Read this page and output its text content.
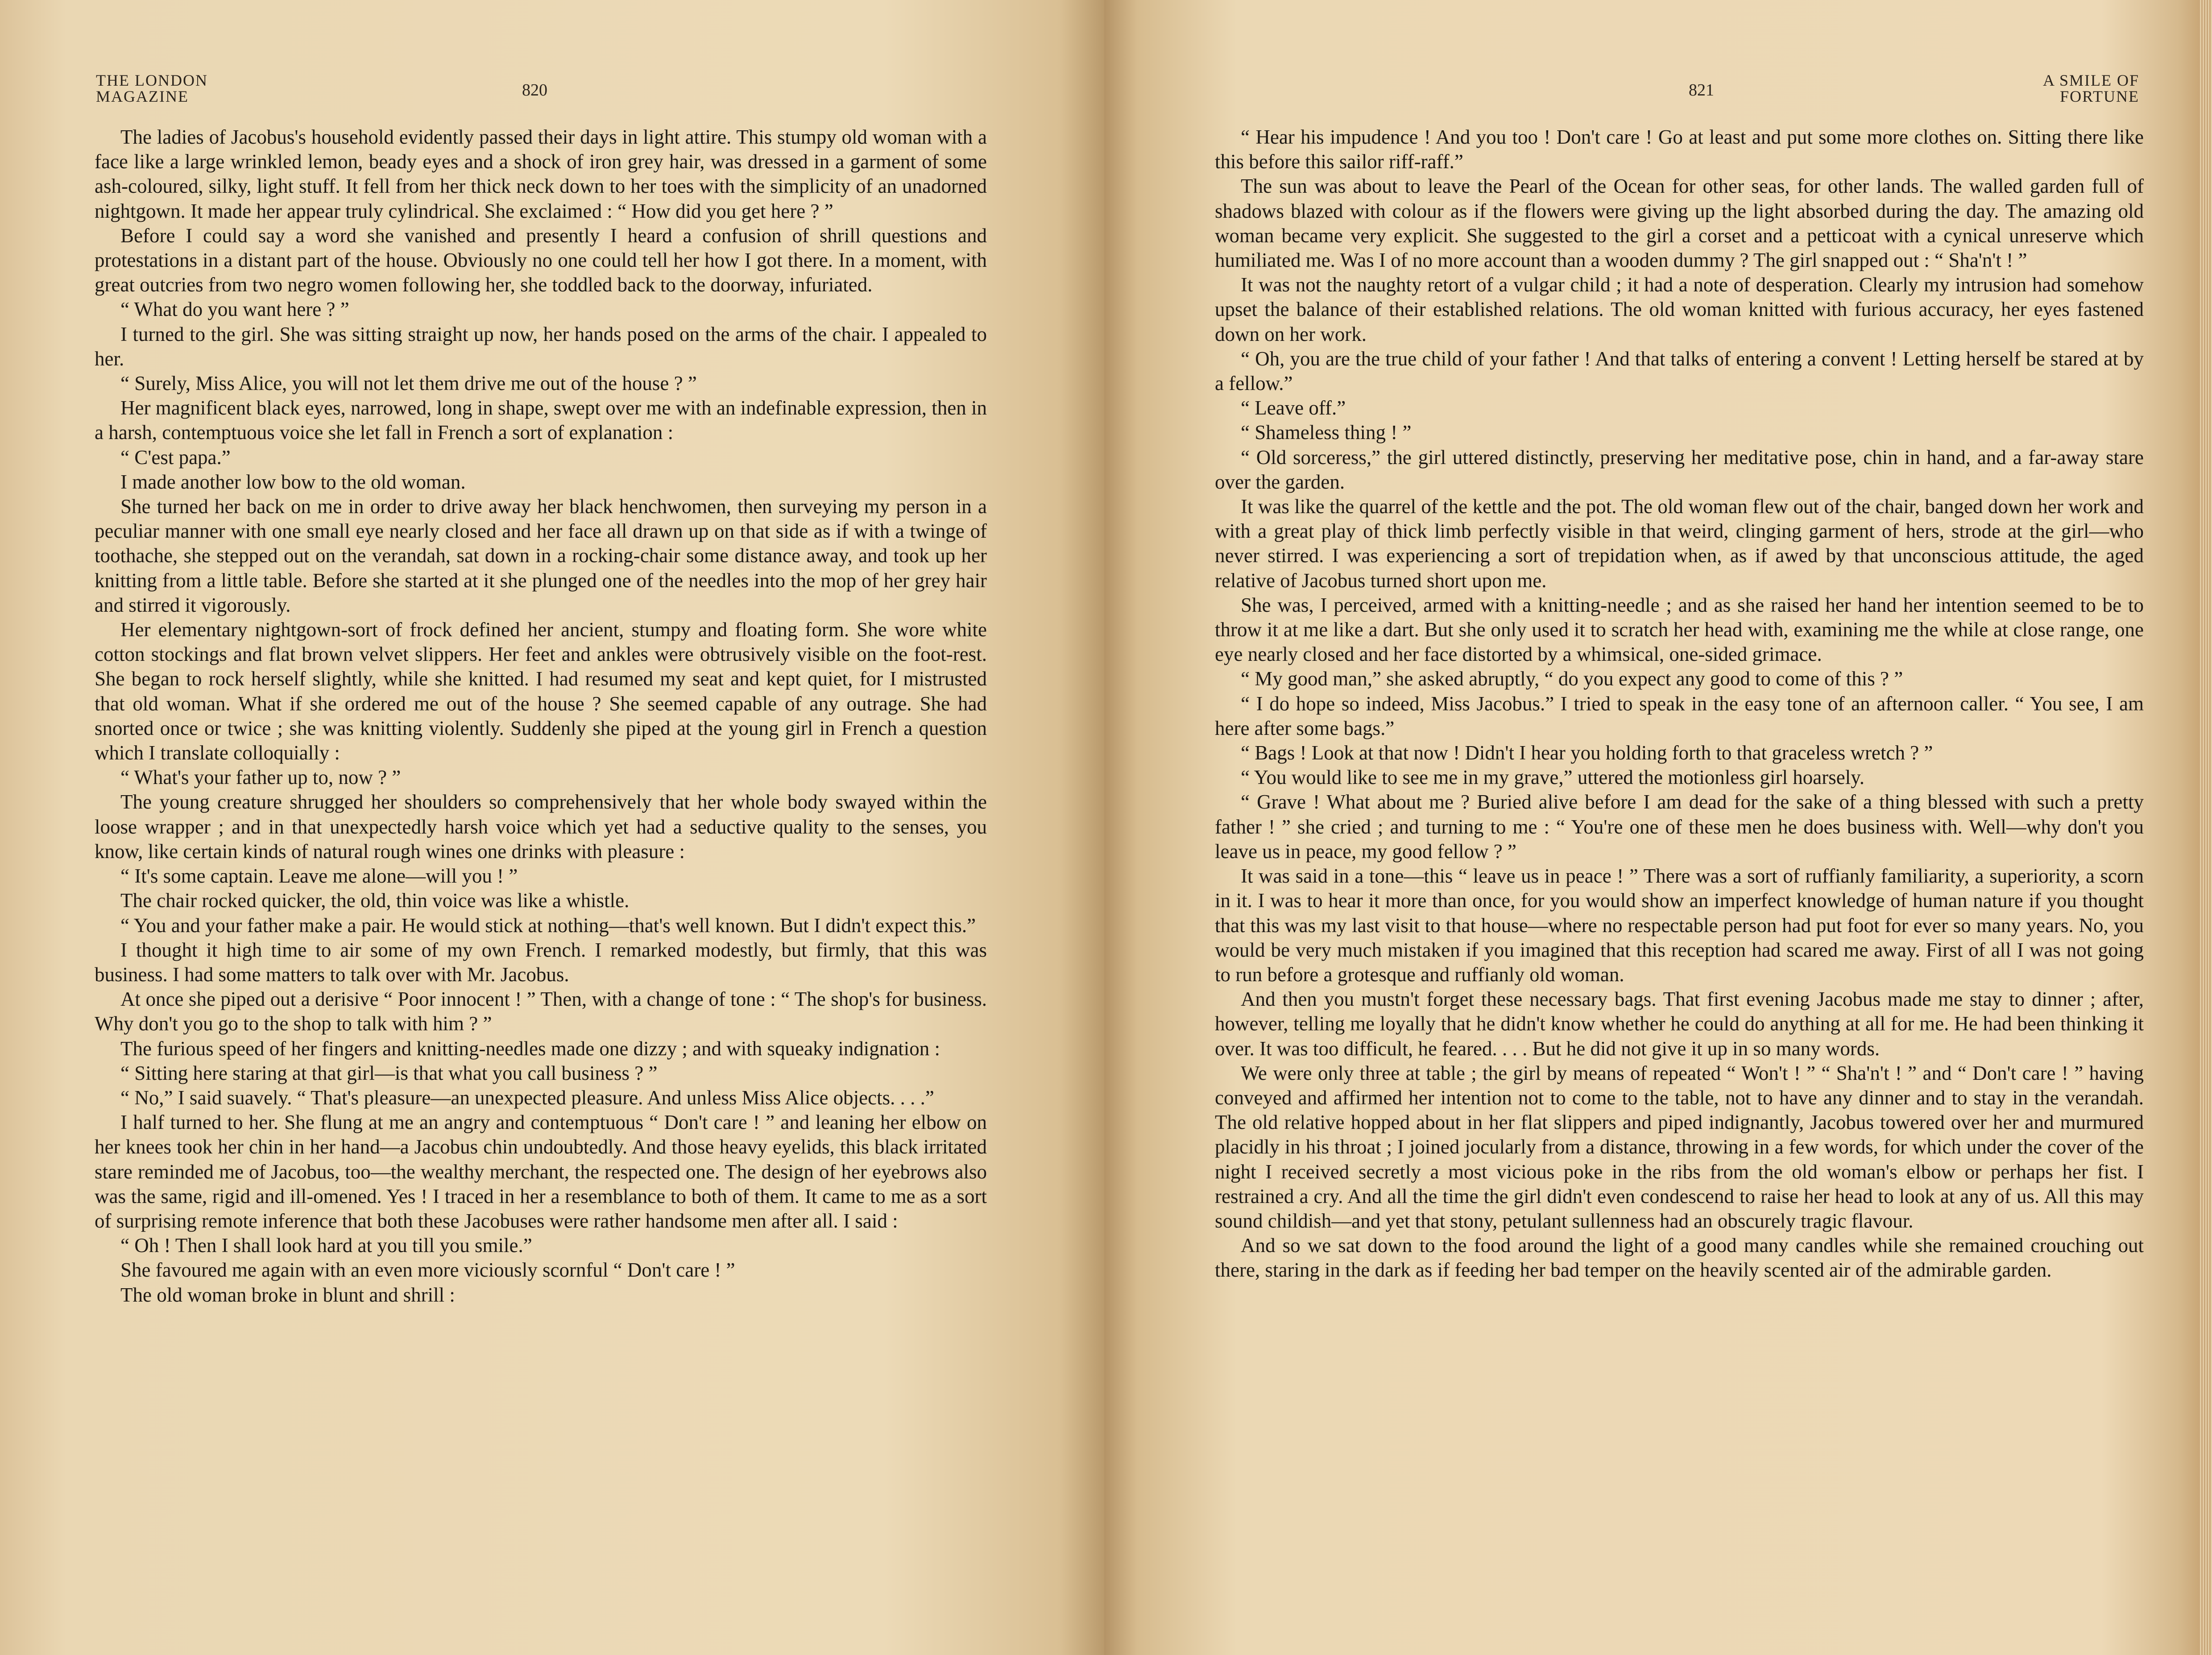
THE LONDON
MAGAZINE	820

The ladies of Jacobus's household evidently passed their days in light attire. This stumpy old woman with a face like a large wrinkled lemon, beady eyes and a shock of iron grey hair, was dressed in a garment of some ash-coloured, silky, light stuff. It fell from her thick neck down to her toes with the simplicity of an unadorned nightgown. It made her appear truly cylindrical. She exclaimed : “ How did you get here ? ”

Before I could say a word she vanished and presently I heard a confusion of shrill questions and protestations in a distant part of the house. Obviously no one could tell her how I got there. In a moment, with great outcries from two negro women following her, she toddled back to the doorway, infuriated.

“ What do you want here ? ”

I turned to the girl. She was sitting straight up now, her hands posed on the arms of the chair. I appealed to her.

“ Surely, Miss Alice, you will not let them drive me out of the house ? ”

Her magnificent black eyes, narrowed, long in shape, swept over me with an indefinable expression, then in a harsh, contemptuous voice she let fall in French a sort of explanation :

“ C'est papa.”

I made another low bow to the old woman.

She turned her back on me in order to drive away her black henchwomen, then surveying my person in a peculiar manner with one small eye nearly closed and her face all drawn up on that side as if with a twinge of toothache, she stepped out on the verandah, sat down in a rocking-chair some distance away, and took up her knitting from a little table. Before she started at it she plunged one of the needles into the mop of her grey hair and stirred it vigorously.

Her elementary nightgown-sort of frock defined her ancient, stumpy and floating form. She wore white cotton stockings and flat brown velvet slippers. Her feet and ankles were obtrusively visible on the foot-rest. She began to rock herself slightly, while she knitted. I had resumed my seat and kept quiet, for I mistrusted that old woman. What if she ordered me out of the house ? She seemed capable of any outrage. She had snorted once or twice ; she was knitting violently. Suddenly she piped at the young girl in French a question which I translate colloquially :

“ What's your father up to, now ? ”

The young creature shrugged her shoulders so comprehensively that her whole body swayed within the loose wrapper ; and in that unexpectedly harsh voice which yet had a seductive quality to the senses, you know, like certain kinds of natural rough wines one drinks with pleasure :

“ It's some captain. Leave me alone—will you ! ”

The chair rocked quicker, the old, thin voice was like a whistle.

“ You and your father make a pair. He would stick at nothing—that's well known. But I didn't expect this.”

I thought it high time to air some of my own French. I remarked modestly, but firmly, that this was business. I had some matters to talk over with Mr. Jacobus.

At once she piped out a derisive “ Poor innocent ! ” Then, with a change of tone : “ The shop's for business. Why don't you go to the shop to talk with him ? ”

The furious speed of her fingers and knitting-needles made one dizzy ; and with squeaky indignation :

“ Sitting here staring at that girl—is that what you call business ? ”

“ No,” I said suavely. “ That's pleasure—an unexpected pleasure. And unless Miss Alice objects. . . .”

I half turned to her. She flung at me an angry and contemptuous “ Don't care ! ” and leaning her elbow on her knees took her chin in her hand—a Jacobus chin undoubtedly. And those heavy eyelids, this black irritated stare reminded me of Jacobus, too—the wealthy merchant, the respected one. The design of her eyebrows also was the same, rigid and ill-omened. Yes ! I traced in her a resemblance to both of them. It came to me as a sort of surprising remote inference that both these Jacobuses were rather handsome men after all. I said :

“ Oh ! Then I shall look hard at you till you smile.”

She favoured me again with an even more viciously scornful “ Don't care ! ”

The old woman broke in blunt and shrill :

821
A SMILE OF
FORTUNE

“ Hear his impudence ! And you too ! Don't care ! Go at least and put some more clothes on. Sitting there like this before this sailor riff-raff.”

The sun was about to leave the Pearl of the Ocean for other seas, for other lands. The walled garden full of shadows blazed with colour as if the flowers were giving up the light absorbed during the day. The amazing old woman became very explicit. She suggested to the girl a corset and a petticoat with a cynical unreserve which humiliated me. Was I of no more account than a wooden dummy ? The girl snapped out : “ Sha'n't ! ”

It was not the naughty retort of a vulgar child ; it had a note of desperation. Clearly my intrusion had somehow upset the balance of their established relations. The old woman knitted with furious accuracy, her eyes fastened down on her work.

“ Oh, you are the true child of your father ! And that talks of entering a convent ! Letting herself be stared at by a fellow.”

“ Leave off.”

“ Shameless thing ! ”

“ Old sorceress,” the girl uttered distinctly, preserving her meditative pose, chin in hand, and a far-away stare over the garden.

It was like the quarrel of the kettle and the pot. The old woman flew out of the chair, banged down her work and with a great play of thick limb perfectly visible in that weird, clinging garment of hers, strode at the girl—who never stirred. I was experiencing a sort of trepidation when, as if awed by that unconscious attitude, the aged relative of Jacobus turned short upon me.

She was, I perceived, armed with a knitting-needle ; and as she raised her hand her intention seemed to be to throw it at me like a dart. But she only used it to scratch her head with, examining me the while at close range, one eye nearly closed and her face distorted by a whimsical, one-sided grimace.

“ My good man,” she asked abruptly, “ do you expect any good to come of this ? ”

“ I do hope so indeed, Miss Jacobus.” I tried to speak in the easy tone of an afternoon caller. “ You see, I am here after some bags.”

“ Bags ! Look at that now ! Didn't I hear you holding forth to that graceless wretch ? ”

“ You would like to see me in my grave,” uttered the motionless girl hoarsely.

“ Grave ! What about me ? Buried alive before I am dead for the sake of a thing blessed with such a pretty father ! ” she cried ; and turning to me : “ You're one of these men he does business with. Well—why don't you leave us in peace, my good fellow ? ”

It was said in a tone—this “ leave us in peace ! ” There was a sort of ruffianly familiarity, a superiority, a scorn in it. I was to hear it more than once, for you would show an imperfect knowledge of human nature if you thought that this was my last visit to that house—where no respectable person had put foot for ever so many years. No, you would be very much mistaken if you imagined that this reception had scared me away. First of all I was not going to run before a grotesque and ruffianly old woman.

And then you mustn't forget these necessary bags. That first evening Jacobus made me stay to dinner ; after, however, telling me loyally that he didn't know whether he could do anything at all for me. He had been thinking it over. It was too difficult, he feared. . . . But he did not give it up in so many words.

We were only three at table ; the girl by means of repeated “ Won't ! ” “ Sha'n't ! ” and “ Don't care ! ” having conveyed and affirmed her intention not to come to the table, not to have any dinner and to stay in the verandah. The old relative hopped about in her flat slippers and piped indignantly, Jacobus towered over her and murmured placidly in his throat ; I joined jocularly from a distance, throwing in a few words, for which under the cover of the night I received secretly a most vicious poke in the ribs from the old woman's elbow or perhaps her fist. I restrained a cry. And all the time the girl didn't even condescend to raise her head to look at any of us. All this may sound childish—and yet that stony, petulant sullenness had an obscurely tragic flavour.

And so we sat down to the food around the light of a good many candles while she remained crouching out there, staring in the dark as if feeding her bad temper on the heavily scented air of the admirable garden.
